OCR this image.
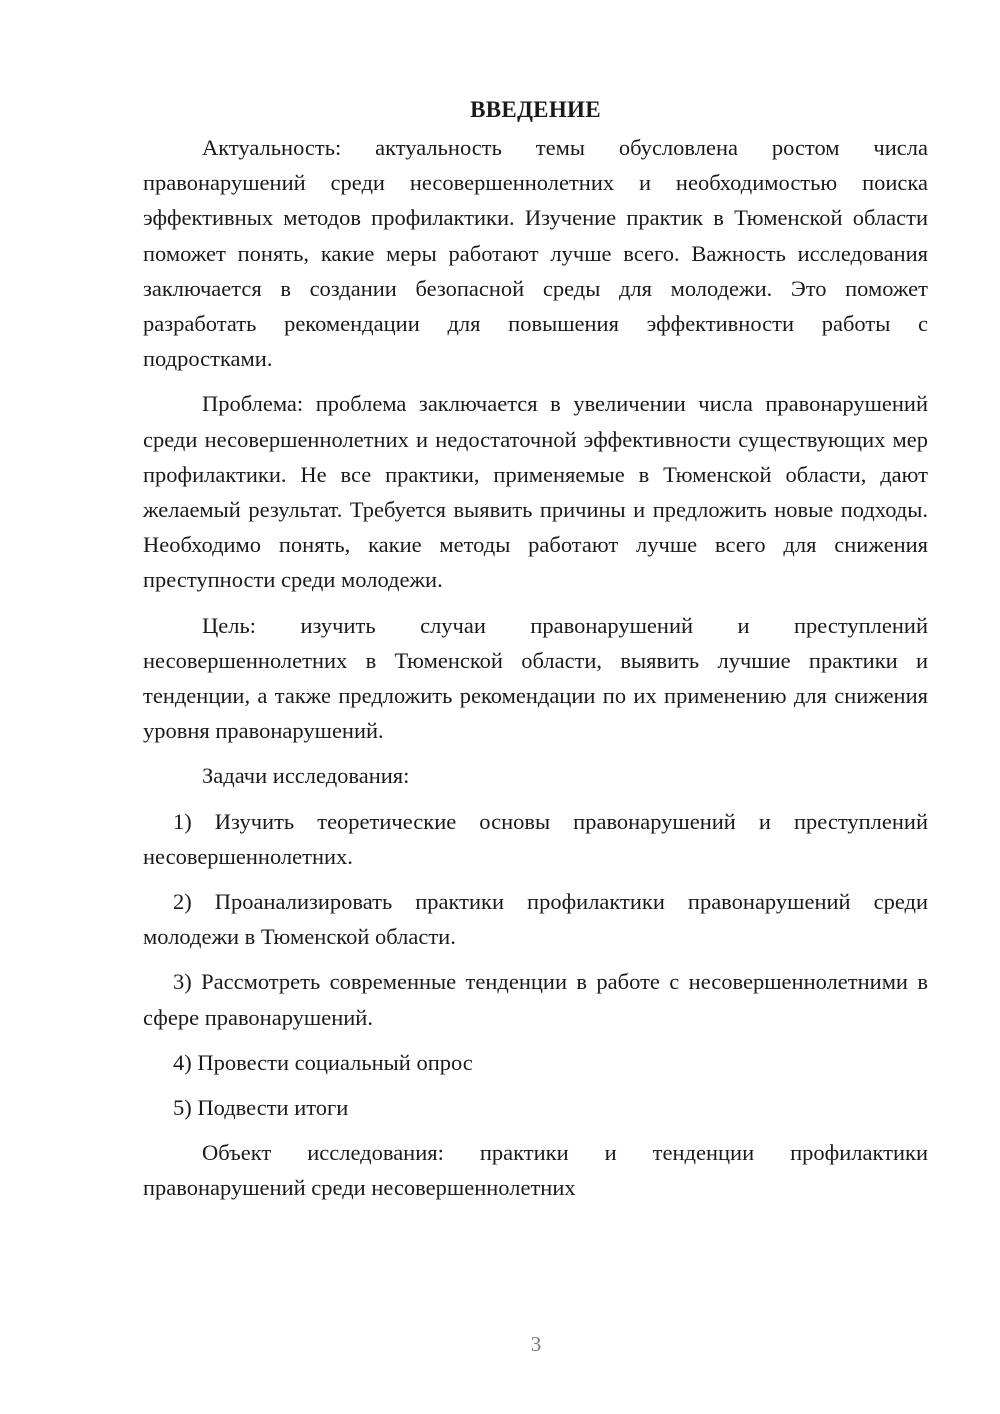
ВВЕДЕНИЕ

Актуальность: актуальность темы обусловлена ростом числа правонарушений среди несовершеннолетних и необходимостью поиска эффективных методов профилактики. Изучение практик в Тюменской области поможет понять, какие меры работают лучше всего. Важность исследования заключается в создании безопасной среды для молодежи. Это поможет разработать рекомендации для повышения эффективности работы с подростками.

Проблема: проблема заключается в увеличении числа правонарушений среди несовершеннолетних и недостаточной эффективности существующих мер профилактики. Не все практики, применяемые в Тюменской области, дают желаемый результат. Требуется выявить причины и предложить новые подходы. Необходимо понять, какие методы работают лучше всего для снижения преступности среди молодежи.

Цель: изучить случаи правонарушений и преступлений несовершеннолетних в Тюменской области, выявить лучшие практики и тенденции, а также предложить рекомендации по их применению для снижения уровня правонарушений.

Задачи исследования:

1) Изучить теоретические основы правонарушений и преступлений несовершеннолетних.

2) Проанализировать практики профилактики правонарушений среди молодежи в Тюменской области.

3) Рассмотреть современные тенденции в работе с несовершеннолетними в сфере правонарушений.

4) Провести социальный опрос

5) Подвести итоги

Объект исследования: практики и тенденции профилактики правонарушений среди несовершеннолетних

3
